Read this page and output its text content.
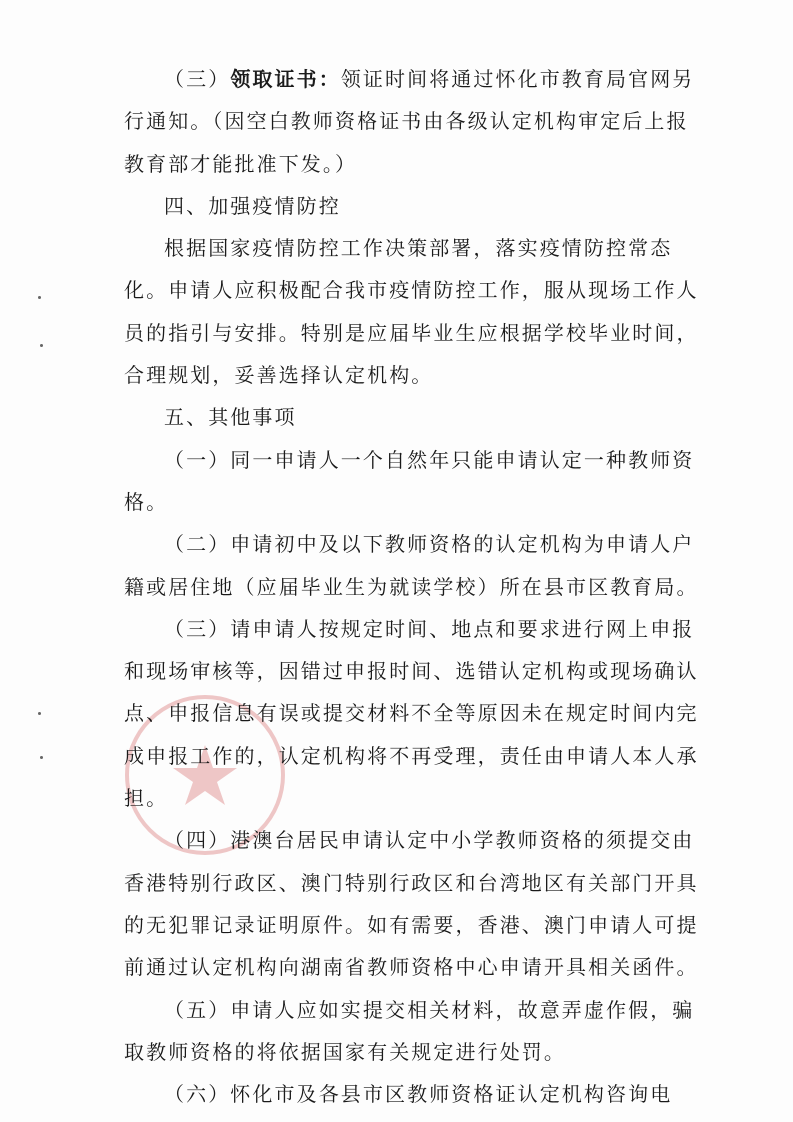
（三）领取证书：领证时间将通过怀化市教育局官网另
行通知。（因空白教师资格证书由各级认定机构审定后上报
教育部才能批准下发。）
四、加强疫情防控
根据国家疫情防控工作决策部署，落实疫情防控常态
化。申请人应积极配合我市疫情防控工作，服从现场工作人
员的指引与安排。特别是应届毕业生应根据学校毕业时间，
合理规划，妥善选择认定机构。
五、其他事项
（一）同一申请人一个自然年只能申请认定一种教师资
格。
（二）申请初中及以下教师资格的认定机构为申请人户
籍或居住地（应届毕业生为就读学校）所在县市区教育局。
（三）请申请人按规定时间、地点和要求进行网上申报
和现场审核等，因错过申报时间、选错认定机构或现场确认
点、申报信息有误或提交材料不全等原因未在规定时间内完
成申报工作的，认定机构将不再受理，责任由申请人本人承
担。
（四）港澳台居民申请认定中小学教师资格的须提交由
香港特别行政区、澳门特别行政区和台湾地区有关部门开具
的无犯罪记录证明原件。如有需要，香港、澳门申请人可提
前通过认定机构向湖南省教师资格中心申请开具相关函件。
（五）申请人应如实提交相关材料，故意弄虚作假，骗
取教师资格的将依据国家有关规定进行处罚。
（六）怀化市及各县市区教师资格证认定机构咨询电
